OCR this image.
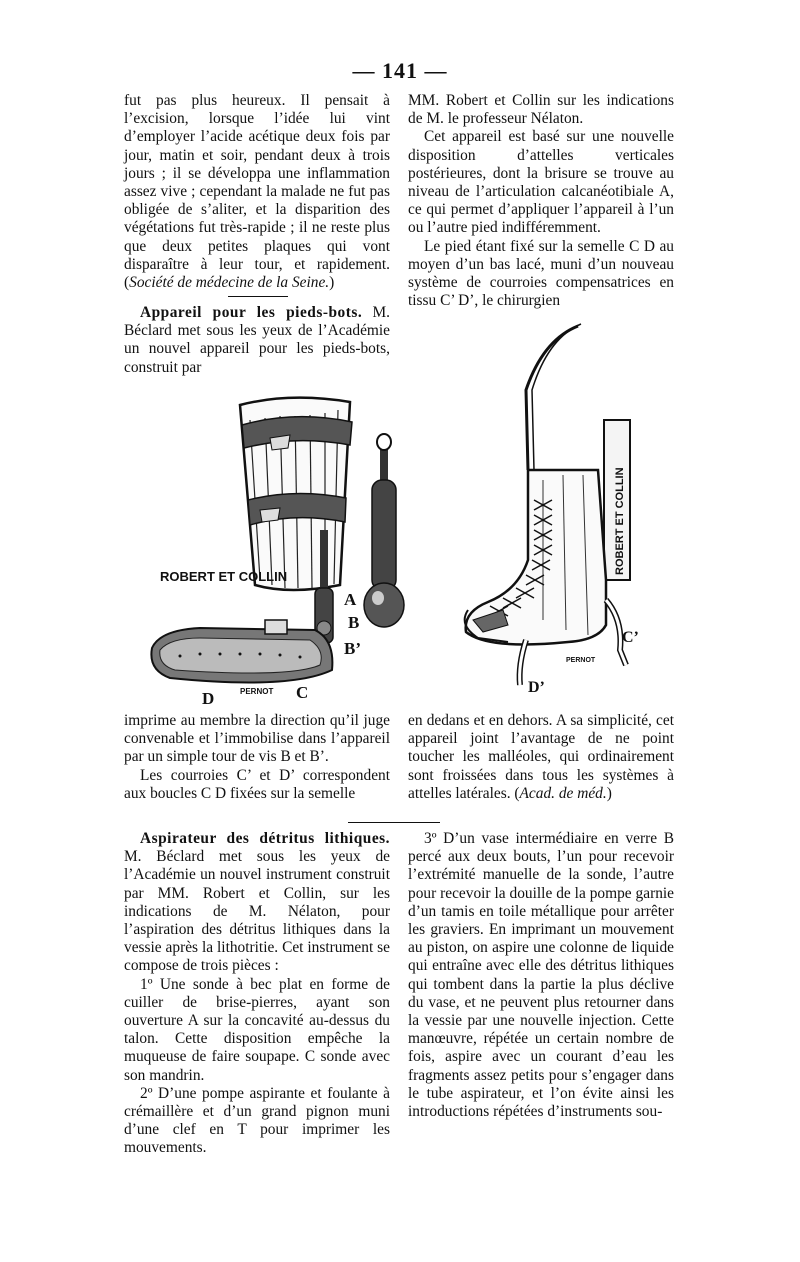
— 141 —

fut pas plus heureux. Il pensait à l’excision, lorsque l’idée lui vint d’employer l’acide acétique deux fois par jour, matin et soir, pendant deux à trois jours ; il se développa une inflammation assez vive ; cependant la malade ne fut pas obligée de s’aliter, et la disparition des végétations fut très-rapide ; il ne reste plus que deux petites plaques qui vont disparaître à leur tour, et rapidement. (Société de médecine de la Seine.)

Appareil pour les pieds-bots. M. Béclard met sous les yeux de l’Académie un nouvel appareil pour les pieds-bots, construit par

MM. Robert et Collin sur les indications de M. le professeur Nélaton.

Cet appareil est basé sur une nouvelle disposition d’attelles verticales postérieures, dont la brisure se trouve au niveau de l’articulation calcanéotibiale A, ce qui permet d’appliquer l’appareil à l’un ou l’autre pied indifféremment.

Le pied étant fixé sur la semelle C D au moyen d’un bas lacé, muni d’un nouveau système de courroies compensatrices en tissu C’ D’, le chirurgien

ROBERT ET COLLIN
PERNOT
A
B
B’
D	C
ROBERT ET COLLIN
PERNOT
C’
D’

imprime au membre la direction qu’il juge convenable et l’immobilise dans l’appareil par un simple tour de vis B et B’.

Les courroies C’ et D’ correspondent aux boucles C D fixées sur la semelle

en dedans et en dehors. A sa simplicité, cet appareil joint l’avantage de ne point toucher les malléoles, qui ordinairement sont froissées dans tous les systèmes à attelles latérales. (Acad. de méd.)

Aspirateur des détritus lithiques. M. Béclard met sous les yeux de l’Académie un nouvel instrument construit par MM. Robert et Collin, sur les indications de M. Nélaton, pour l’aspiration des détritus lithiques dans la vessie après la lithotritie. Cet instrument se compose de trois pièces :

1º Une sonde à bec plat en forme de cuiller de brise-pierres, ayant son ouverture A sur la concavité au-dessus du talon. Cette disposition empêche la muqueuse de faire soupape. C sonde avec son mandrin.

2º D’une pompe aspirante et foulante à crémaillère et d’un grand pignon muni d’une clef en T pour imprimer les mouvements.

3º D’un vase intermédiaire en verre B percé aux deux bouts, l’un pour recevoir l’extrémité manuelle de la sonde, l’autre pour recevoir la douille de la pompe garnie d’un tamis en toile métallique pour arrêter les graviers. En imprimant un mouvement au piston, on aspire une colonne de liquide qui entraîne avec elle des détritus lithiques qui tombent dans la partie la plus déclive du vase, et ne peuvent plus retourner dans la vessie par une nouvelle injection. Cette manœuvre, répétée un certain nombre de fois, aspire avec un courant d’eau les fragments assez petits pour s’engager dans le tube aspirateur, et l’on évite ainsi les introductions répétées d’instruments sou-
